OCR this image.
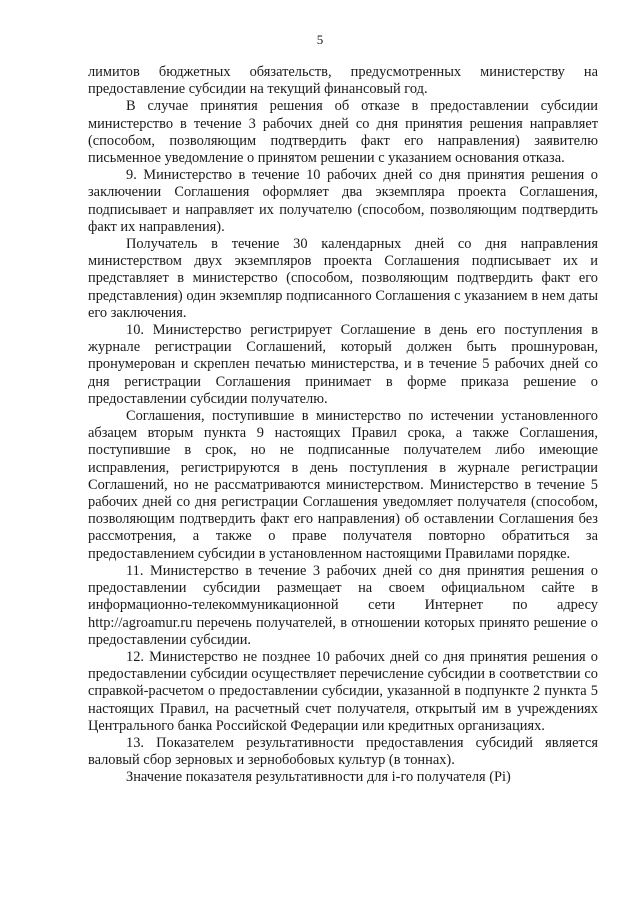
5

лимитов бюджетных обязательств, предусмотренных министерству на предоставление субсидии на текущий финансовый год.

В случае принятия решения об отказе в предоставлении субсидии министерство в течение 3 рабочих дней со дня принятия решения направляет (способом, позволяющим подтвердить факт его направления) заявителю письменное уведомление о принятом решении с указанием основания отказа.

9. Министерство в течение 10 рабочих дней со дня принятия решения о заключении Соглашения оформляет два экземпляра проекта Соглашения, подписывает и направляет их получателю (способом, позволяющим подтвердить факт их направления).

Получатель в течение 30 календарных дней со дня направления министерством двух экземпляров проекта Соглашения подписывает их и представляет в министерство (способом, позволяющим подтвердить факт его представления) один экземпляр подписанного Соглашения с указанием в нем даты его заключения.

10. Министерство регистрирует Соглашение в день его поступления в журнале регистрации Соглашений, который должен быть прошнурован, пронумерован и скреплен печатью министерства, и в течение 5 рабочих дней со дня регистрации Соглашения принимает в форме приказа решение о предоставлении субсидии получателю.

Соглашения, поступившие в министерство по истечении установленного абзацем вторым пункта 9 настоящих Правил срока, а также Соглашения, поступившие в срок, но не подписанные получателем либо имеющие исправления, регистрируются в день поступления в журнале регистрации Соглашений, но не рассматриваются министерством. Министерство в течение 5 рабочих дней со дня регистрации Соглашения уведомляет получателя (способом, позволяющим подтвердить факт его направления) об оставлении Соглашения без рассмотрения, а также о праве получателя повторно обратиться за предоставлением субсидии в установленном настоящими Правилами порядке.

11. Министерство в течение 3 рабочих дней со дня принятия решения о предоставлении субсидии размещает на своем официальном сайте в информационно-телекоммуникационной сети Интернет по адресу http://agroamur.ru перечень получателей, в отношении которых принято решение о предоставлении субсидии.

12. Министерство не позднее 10 рабочих дней со дня принятия решения о предоставлении субсидии осуществляет перечисление субсидии в соответствии со справкой-расчетом о предоставлении субсидии, указанной в подпункте 2 пункта 5 настоящих Правил, на расчетный счет получателя, открытый им в учреждениях Центрального банка Российской Федерации или кредитных организациях.

13. Показателем результативности предоставления субсидий является валовый сбор зерновых и зернобобовых культур (в тоннах).

Значение показателя результативности для i-го получателя (Pi)
